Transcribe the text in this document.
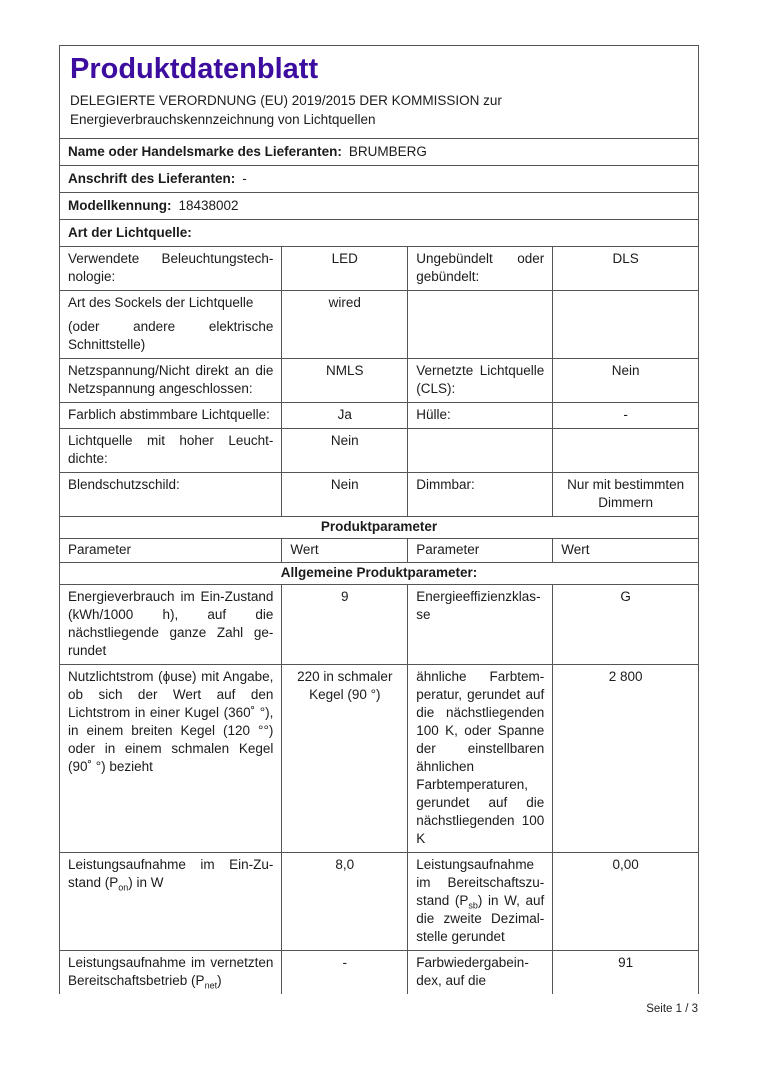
Produktdatenblatt
DELEGIERTE VERORDNUNG (EU) 2019/2015 DER KOMMISSION zur
Energieverbrauchskennzeichnung von Lichtquellen			

Name oder Handelsmarke des Lieferanten: BRUMBERG			
Anschrift des Lieferanten: -			
Modellkennung: 18438002			
Art der Lichtquelle:			

Verwendete Beleuchtungstechnologie:	LED	Ungebündelt oder gebündelt:	DLS

Art des Sockels der Lichtquelle
(oder andere elektrische Schnittstelle)	wired		

Netzspannung/Nicht direkt an die Netzspannung angeschlossen:	NMLS	Vernetzte Lichtquelle (CLS):	Nein

Farblich abstimmbare Lichtquelle:	Ja	Hülle:	-

Lichtquelle mit hoher Leuchtdichte:	Nein		

Blendschutzschild:	Nein	Dimmbar:	Nur mit bestimmten Dimmern

Produktparameter			
Parameter	Wert	Parameter	Wert
Allgemeine Produktparameter:			

Energieverbrauch im Ein-Zustand (kWh/1000 h), auf die nächstliegende ganze Zahl gerundet	9	Energieeffizienzklasse	G

Nutzlichtstrom (ϕuse) mit Angabe, ob sich der Wert auf den Lichtstrom in einer Kugel (360˚ °), in einem breiten Kegel (120 °°) oder in einem schmalen Kegel (90˚ °) bezieht	220 in schmaler Kegel (90 °)	ähnliche Farbtemperatur, gerundet auf die nächstliegenden 100 K, oder Spanne der einstellbaren ähnlichen Farbtemperaturen, gerundet auf die nächstliegenden 100 K	2 800

Leistungsaufnahme im Ein-Zustand $(P_{on})$ in W	8,0	Leistungsaufnahme im Bereitschaftszustand $(P_{sb})$ in W, auf die zweite Dezimalstelle gerundet	0,00

Leistungsaufnahme im vernetzten Bereitschaftsbetrieb $(P_{net})$	-	Farbwiedergabeindex, auf die	91
Seite 1 / 3
